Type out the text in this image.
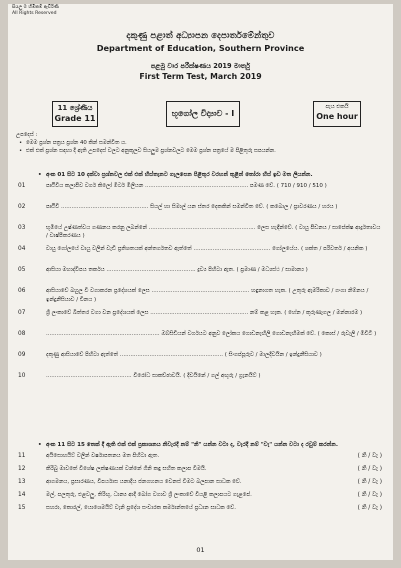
සියලු ම හිමිකම් ඇවිරිණි
All Rights Reserved
දකුණු පළාත් අධ්‍යාපන දෙපාර්තමේන්තුව
Department of Education, Southern Province
පළමු වාර පරීක්ෂණය 2019 මාර්තු
First Term Test, March 2019
11 ශ්‍රේණිය
Grade 11
භූගෝල විද්‍යාව - I
පැය එකයි
One hour
උපදෙස් :
• මෙම ප්‍රශ්න පත්‍රය ප්‍රශ්න 40 කින් සමන්විත ය.
• එක් එක් ප්‍රශ්න සඳහා දී ඇති උපදෙස් වලට අනුකූලව සියලුම ප්‍රශ්නවලට මෙම ප්‍රශ්න පත්‍රයේ ම පිළිතුරු සපයන්න.
• අංක 01 සිට 10 දක්වා ප්‍රශ්නවල එක් එක් හිස්තැනට ගැලපෙන පිළිතුර වරහන් තුළින් තෝරා හිස් ඉඩ මත ලියන්න.
01	පෘථිවිය කලාපීව වර්ග කිලෝ මීටර් මිලියන ........................................................... පමණ වේ. ( 710 / 910 / 510 )
02	පෘථිවි .................................................. සියල් හා සිමාල් යන ස්තර දෙකකින් සමන්විත වේ. ( කබොල / ප්‍රාවරණය / හරය )
03	භූමියේ උෂ්ණත්වය ගණනය කරනු ලබන්නේ ............................................................. ලෙස හැඳින්වේ. ( වායු පීඩනය / සාපේක්ෂ ආර්ද්‍රතාවය / වාෂ්පීකරණය )
04	වායු ගෝලයේ වායු වලින් වැඩි ප්‍රතිශතයක් අන්තර්ගතව ඇත්තේ ............................................ ගෝලයේය. ( ශක්ත / පරිවර්ත / අයනික )
05	ආසියා මහාද්වීපය තර්කය ................................................... ද්‍රව්‍ය පිහිටා ඇත. ( ප්‍රමාණ / මධ්‍යස්ථ / සාමාන්‍ය )
06	ආසියාවේ බහුල වී වගාකරන ප්‍රදේශයක් ලෙස ........................................................ හඳුනාගත හැක. ( උතුරු ඇමරිකාව / ගංගා නිම්නය / ඉන්දුනීසියාව / චීනය )
07	ශ්‍රී ලංකාවේ බිත්තර වගා වන ප්‍රදේශයක් ලෙස ........................................................ නම් කළ හැක. ( හේන / කුරුණෑගල / මන්නාරම )
08	................................................................. ඔබ්සිඩියන් වර්ගයට අනුව ලෝකය ගොඩනැඟිලි ගොඩනැඟීමක් වේ. ( කොස් / රුවැලි / මීවිටි )
09	දකුණු ආසියාවේ පිහිටා ඇත්තේ ........................................................... ( සිංගප්පූරුව / මාලදිවයින / ඉන්දුනීසියාව )
10	................................................. විරෝධ සාකච්ඡාවයි. ( දිවයිනේ / ගල් අඟුරු / ග්‍රැනයිට් )
• අංක 11 සිට 15 තෙක් දී ඇති එක් එක් ප්‍රකාශනය නිවැරදි නම් "නි" යන්න වටා ද, වැරදි නම් "වැ" යන්න වටා ද රවුම් කරන්න.
11	අයිසොහයිට් වලින් වර්ෂාපතනය මත පිහිටා ඇත.	( නි / වැ )
12	කිරිබු මාවතේ විශේෂ ලක්ෂණයක් වන්නේ ගිනි කඳු සහිත කලාප වීමයි.	( නි / වැ )
13	ආගමනය, ප්‍රසාරණය, විපර්යාස යනාදිය ජනගහනය වෙනස් වීමට බලපාන සාධක වේ.	( නි / වැ )
14	මල්, පලතුරු, එළවලු, තිරිඟු, ධාන්‍ය ආදී බෝග වගාව ශ්‍රී ලංකාවේ වියළි කලාපයට ගැළපේ.	( නි / වැ )
15	සහරා, කොරල්, යොශෙමයිට් වැනි ප්‍රදේශ සංචාරක කර්මාන්තයේ ප්‍රධාන සාධක වේ.	( නි / වැ )
01
